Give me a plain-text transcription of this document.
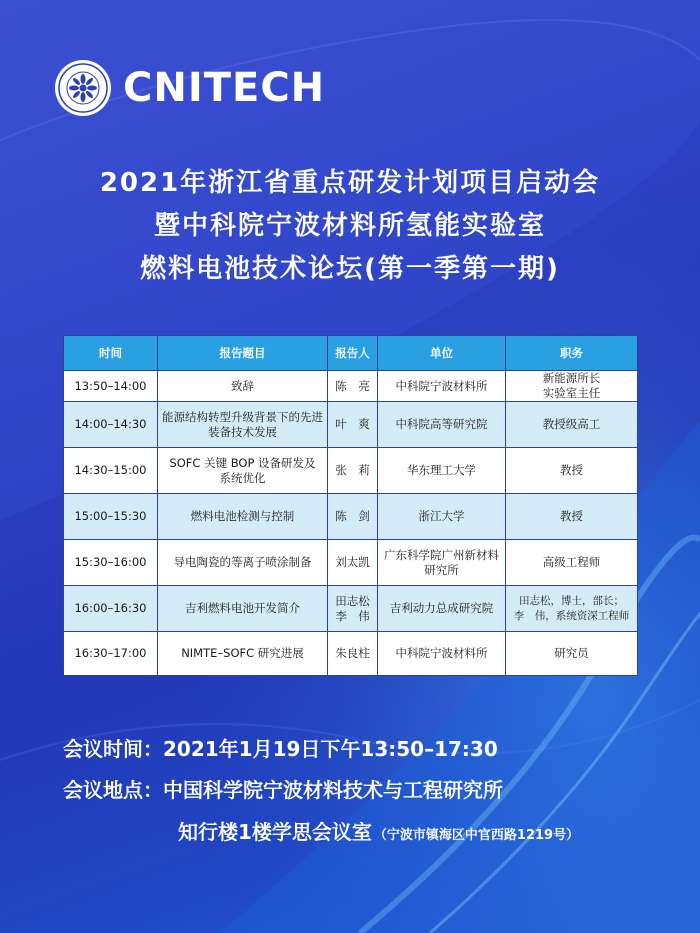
CNITECH
2021年浙江省重点研发计划项目启动会
暨中科院宁波材料所氢能实验室
燃料电池技术论坛(第一季第一期)
时间	报告题目	报告人	单位	职务
13:50–14:00	致辞	陈　亮	中科院宁波材料所	新能源所长
实验室主任
14:00–14:30	能源结构转型升级背景下的先进
装备技术发展	叶　爽	中科院高等研究院	教授级高工
14:30–15:00	SOFC 关键 BOP 设备研发及
系统优化	张　莉	华东理工大学	教授
15:00–15:30	燃料电池检测与控制	陈　剑	浙江大学	教授
15:30–16:00	导电陶瓷的等离子喷涂制备	刘太凯	广东科学院广州新材料
研究所	高级工程师
16:00–16:30	吉利燃料电池开发简介	田志松
李　伟	吉利动力总成研究院	田志松，博士，部长；
李　伟，系统资深工程师
16:30–17:00	NIMTE–SOFC 研究进展	朱良柱	中科院宁波材料所	研究员
会议时间：2021年1月19日下午13:50–17:30
会议地点：中国科学院宁波材料技术与工程研究所
知行楼1楼学思会议室 （宁波市镇海区中官西路1219号）
